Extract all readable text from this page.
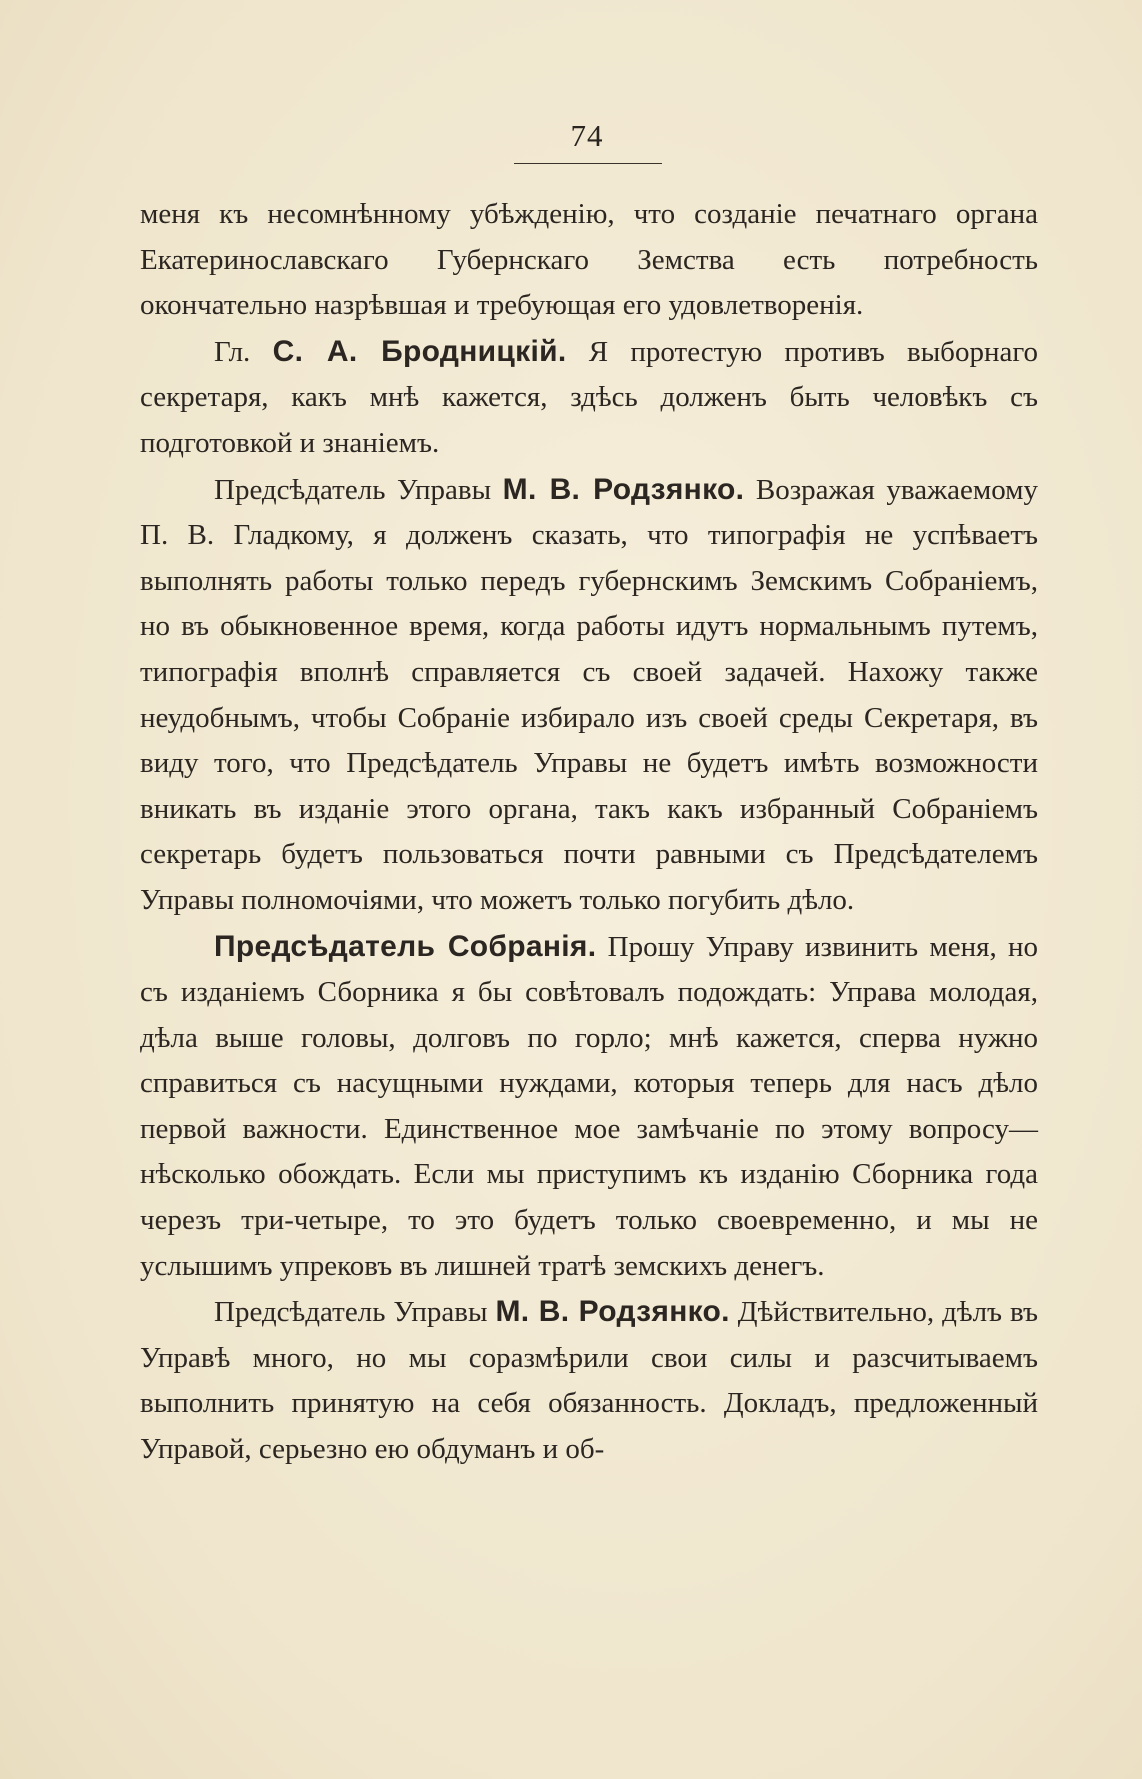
74

меня къ несомнѣнному убѣжденію, что созданіе печатнаго органа Екатеринославскаго Губернскаго Земства есть потребность окончательно назрѣвшая и требующая его удовлетворенія.

Гл. С. А. Бродницкій. Я протестую противъ выборнаго секретаря, какъ мнѣ кажется, здѣсь долженъ быть человѣкъ съ подготовкой и знаніемъ.

Предсѣдатель Управы М. В. Родзянко. Возражая уважаемому П. В. Гладкому, я долженъ сказать, что типографія не успѣваетъ выполнять работы только передъ губернскимъ Земскимъ Собраніемъ, но въ обыкновенное время, когда работы идутъ нормальнымъ путемъ, типографія вполнѣ справляется съ своей задачей. Нахожу также неудобнымъ, чтобы Собраніе избирало изъ своей среды Секретаря, въ виду того, что Предсѣдатель Управы не будетъ имѣть возможности вникать въ изданіе этого органа, такъ какъ избранный Собраніемъ секретарь будетъ пользоваться почти равными съ Предсѣдателемъ Управы полномочіями, что можетъ только погубить дѣло.

Предсѣдатель Собранія. Прошу Управу извинить меня, но съ изданіемъ Сборника я бы совѣтовалъ подождать: Управа молодая, дѣла выше головы, долговъ по горло; мнѣ кажется, сперва нужно справиться съ насущными нуждами, которыя теперь для насъ дѣло первой важности. Единственное мое замѣчаніе по этому вопросу—нѣсколько обождать. Если мы приступимъ къ изданію Сборника года черезъ три-четыре, то это будетъ только своевременно, и мы не услышимъ упрековъ въ лишней тратѣ земскихъ денегъ.

Предсѣдатель Управы М. В. Родзянко. Дѣйствительно, дѣлъ въ Управѣ много, но мы соразмѣрили свои силы и разсчитываемъ выполнить принятую на себя обязанность. Докладъ, предложенный Управой, серьезно ею обдуманъ и об-
